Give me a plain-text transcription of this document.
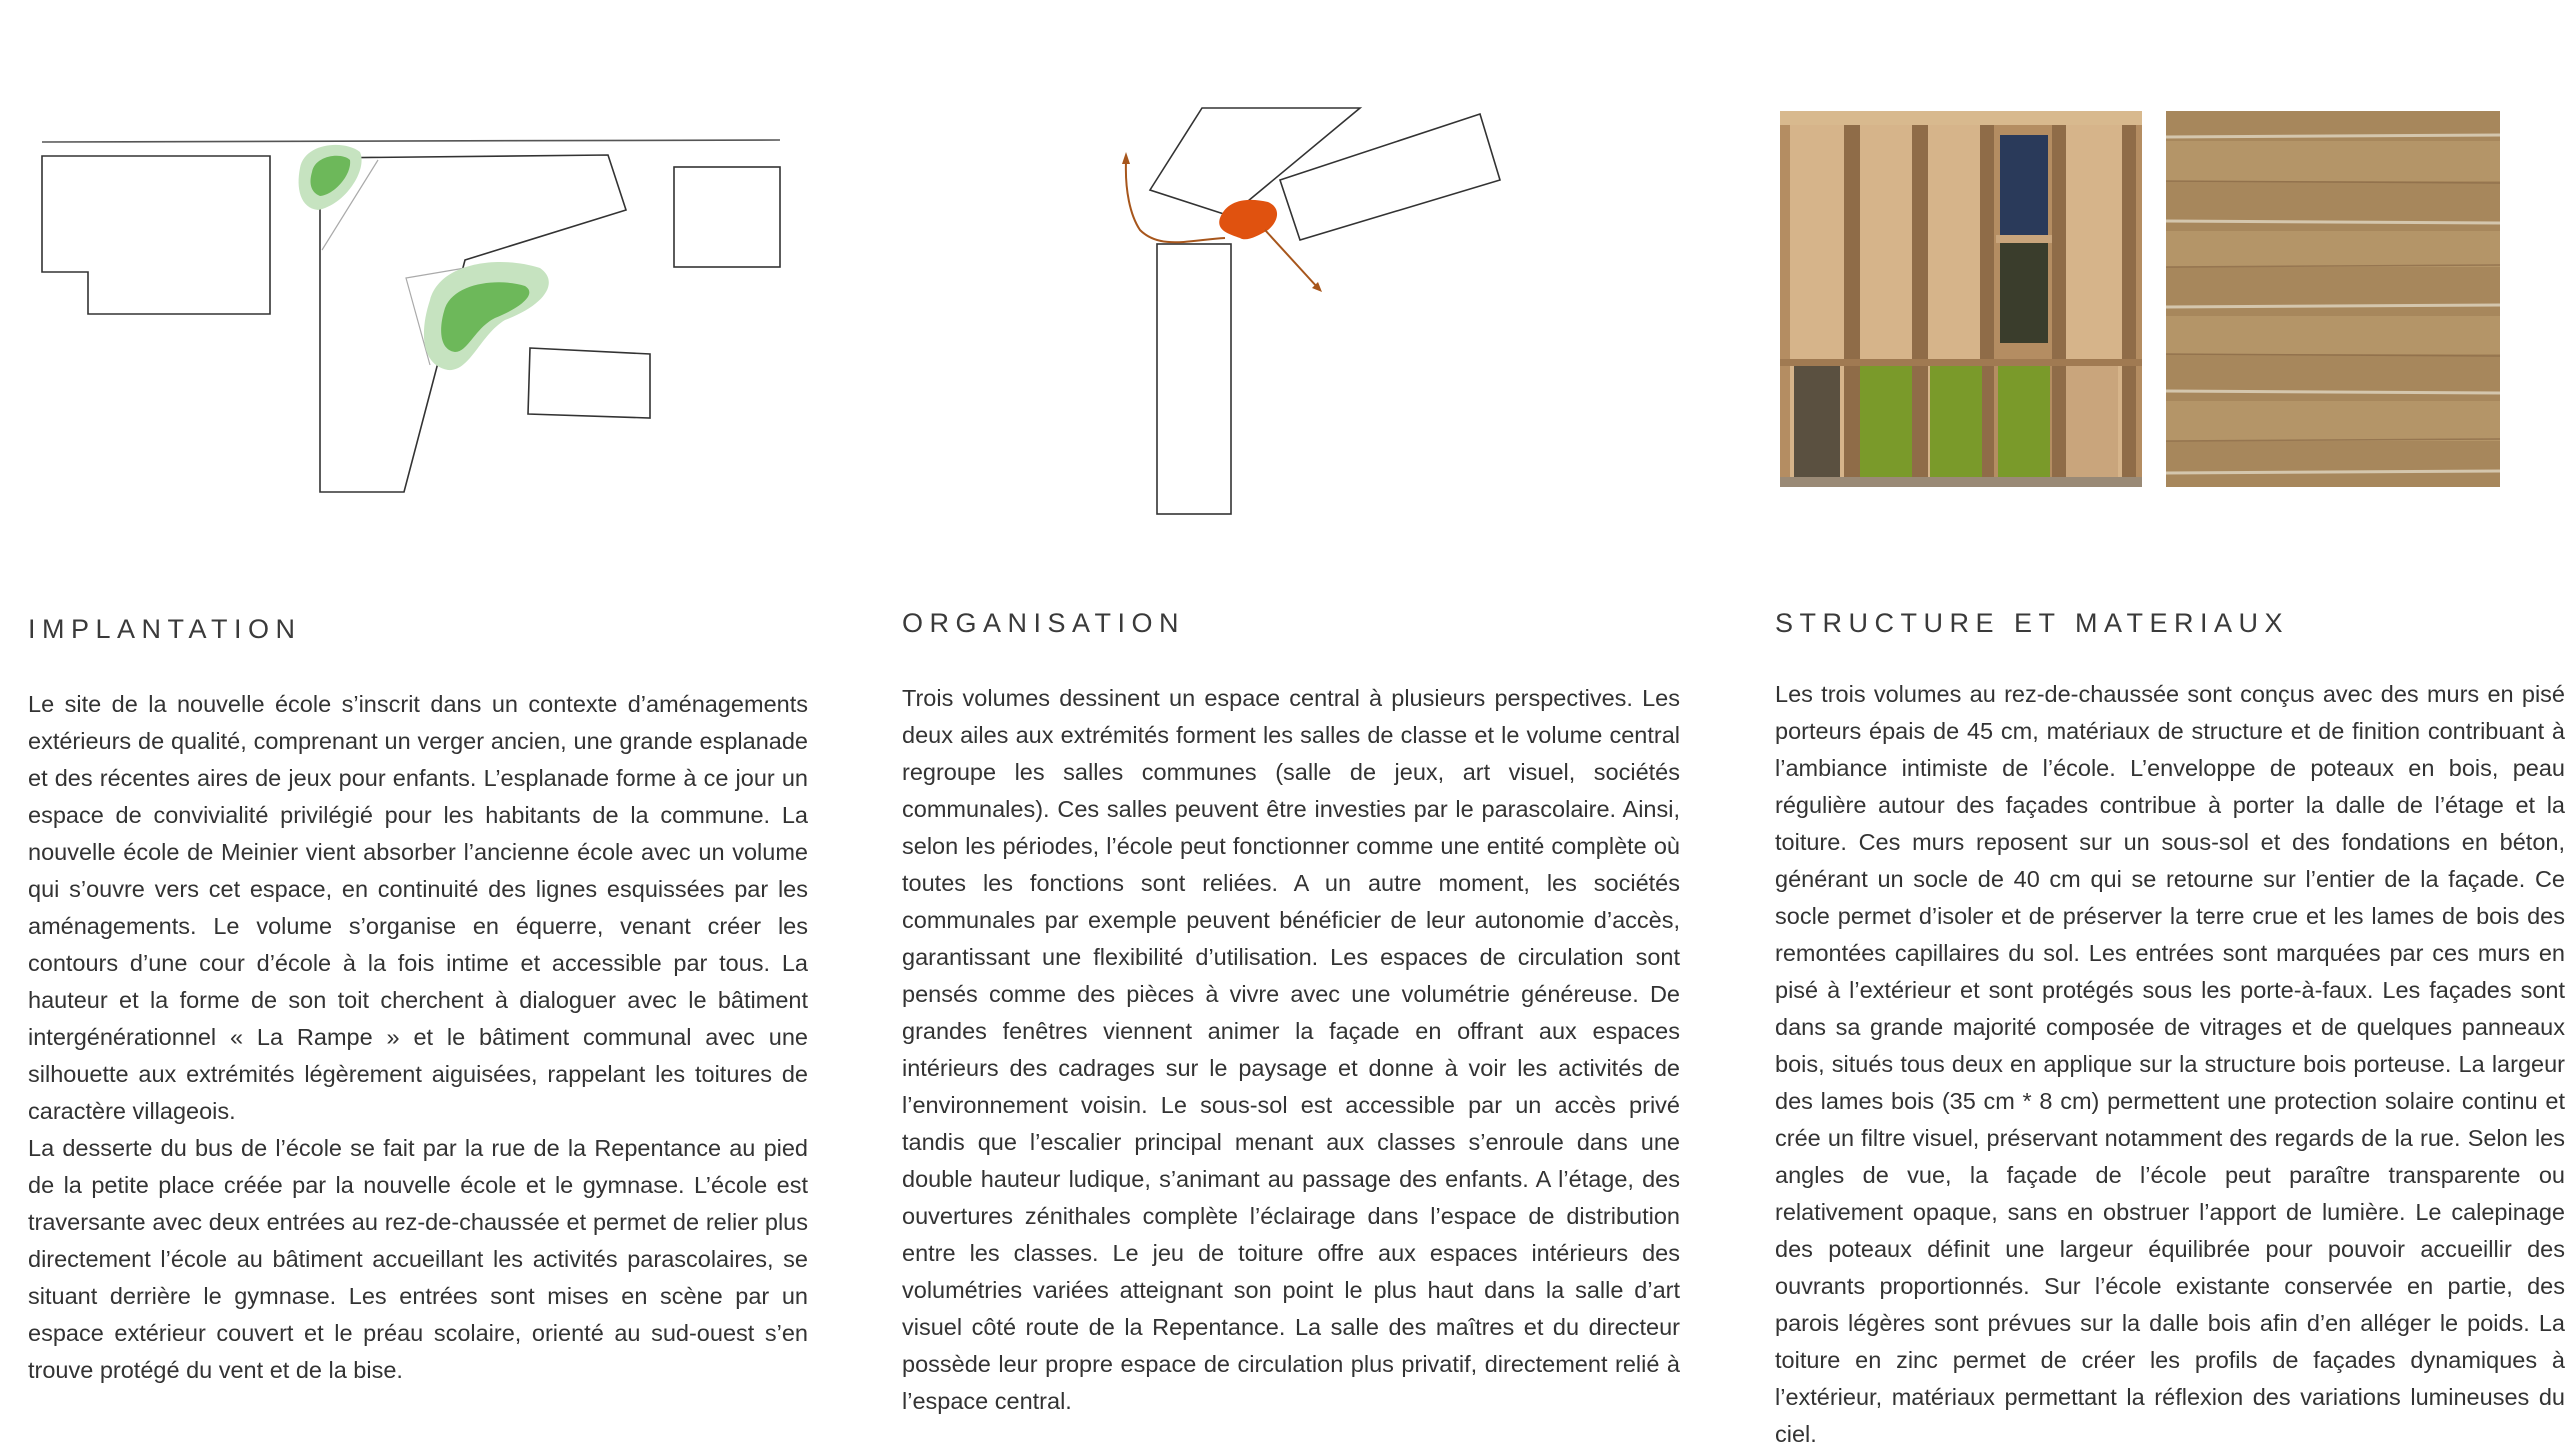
IMPLANTATION	ORGANISATION	STRUCTURE ET MATERIAUX

Le site de la nouvelle école s’inscrit dans un contexte d’aménagements extérieurs de qualité, comprenant un verger ancien, une grande esplanade et des récentes aires de jeux pour enfants. L’esplanade forme à ce jour un espace de convivialité privilégié pour les habitants de la commune. La nouvelle école de Meinier vient absorber l’ancienne école avec un volume qui s’ouvre vers cet espace, en continuité des lignes esquissées par les aménagements. Le volume s’organise en équerre, venant créer les contours d’une cour d’école à la fois intime et accessible par tous. La hauteur et la forme de son toit cherchent à dialoguer avec le bâtiment intergénérationnel « La Rampe » et le bâtiment communal avec une silhouette aux extrémités légèrement aiguisées, rappelant les toitures de caractère villageois.

La desserte du bus de l’école se fait par la rue de la Repentance au pied de la petite place créée par la nouvelle école et le gymnase. L’école est traversante avec deux entrées au rez-de-chaussée et permet de relier plus directement l’école au bâtiment accueillant les activités parascolaires, se situant derrière le gymnase. Les entrées sont mises en scène par un espace extérieur couvert et le préau scolaire, orienté au sud-ouest s’en trouve protégé du vent et de la bise.

Trois volumes dessinent un espace central à plusieurs perspectives. Les deux ailes aux extrémités forment les salles de classe et le volume central regroupe les salles communes (salle de jeux, art visuel, sociétés communales). Ces salles peuvent être investies par le parascolaire. Ainsi, selon les périodes, l’école peut fonctionner comme une entité complète où toutes les fonctions sont reliées. A un autre moment, les sociétés communales par exemple peuvent bénéficier de leur autonomie d’accès, garantissant une flexibilité d’utilisation. Les espaces de circulation sont pensés comme des pièces à vivre avec une volumétrie généreuse. De grandes fenêtres viennent animer la façade en offrant aux espaces intérieurs des cadrages sur le paysage et donne à voir les activités de l’environnement voisin. Le sous-sol est accessible par un accès privé tandis que l’escalier principal menant aux classes s’enroule dans une double hauteur ludique, s’animant au passage des enfants. A l’étage, des ouvertures zénithales complète l’éclairage dans l’espace de distribution entre les classes. Le jeu de toiture offre aux espaces intérieurs des volumétries variées atteignant son point le plus haut dans la salle d’art visuel côté route de la Repentance. La salle des maîtres et du directeur possède leur propre espace de circulation plus privatif, directement relié à l’espace central.

Les trois volumes au rez-de-chaussée sont conçus avec des murs en pisé porteurs épais de 45 cm, matériaux de structure et de finition contribuant à l’ambiance intimiste de l’école. L’enveloppe de poteaux en bois, peau régulière autour des façades contribue à porter la dalle de l’étage et la toiture. Ces murs reposent sur un sous-sol et des fondations en béton, générant un socle de 40 cm qui se retourne sur l’entier de la façade. Ce socle permet d’isoler et de préserver la terre crue et les lames de bois des remontées capillaires du sol. Les entrées sont marquées par ces murs en pisé à l’extérieur et sont protégés sous les porte-à-faux. Les façades sont dans sa grande majorité composée de vitrages et de quelques panneaux bois, situés tous deux en applique sur la structure bois porteuse. La largeur des lames bois (35 cm * 8 cm) permettent une protection solaire continu et crée un filtre visuel, préservant notamment des regards de la rue. Selon les angles de vue, la façade de l’école peut paraître transparente ou relativement opaque, sans en obstruer l’apport de lumière. Le calepinage des poteaux définit une largeur équilibrée pour pouvoir accueillir des ouvrants proportionnés. Sur l’école existante conservée en partie, des parois légères sont prévues sur la dalle bois afin d’en alléger le poids. La toiture en zinc permet de créer les profils de façades dynamiques à l’extérieur, matériaux permettant la réflexion des variations lumineuses du ciel.
